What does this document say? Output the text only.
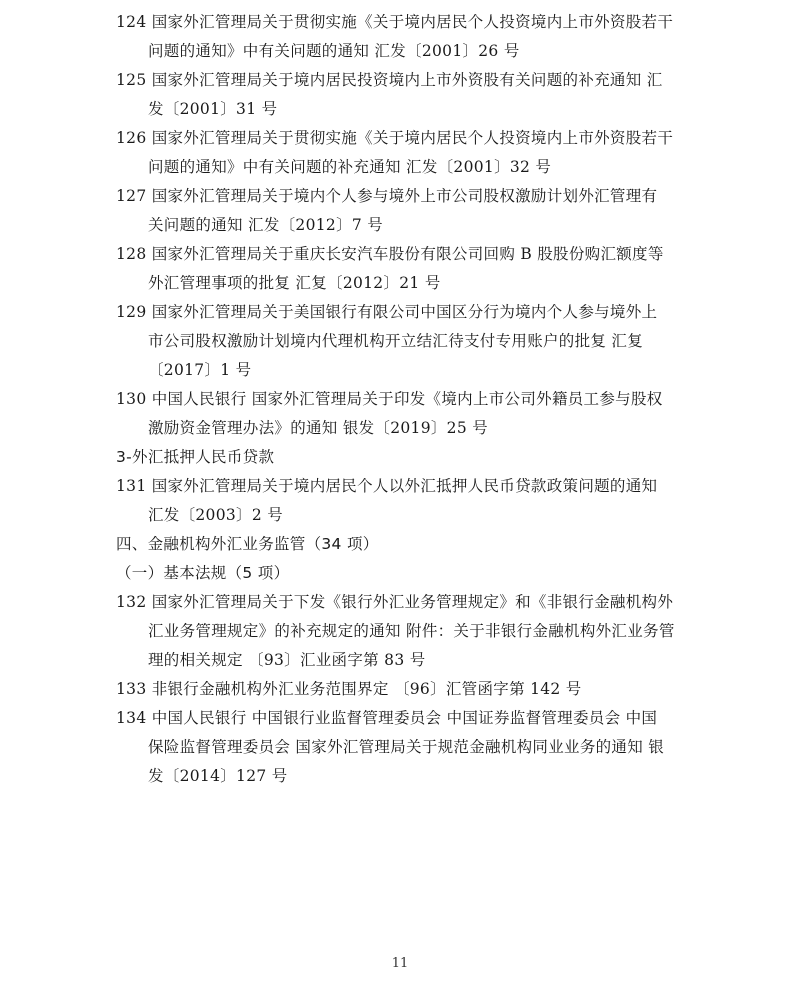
124 国家外汇管理局关于贯彻实施《关于境内居民个人投资境内上市外资股若干
问题的通知》中有关问题的通知 汇发〔2001〕26 号
125 国家外汇管理局关于境内居民投资境内上市外资股有关问题的补充通知 汇
发〔2001〕31 号
126 国家外汇管理局关于贯彻实施《关于境内居民个人投资境内上市外资股若干
问题的通知》中有关问题的补充通知 汇发〔2001〕32 号
127 国家外汇管理局关于境内个人参与境外上市公司股权激励计划外汇管理有
关问题的通知 汇发〔2012〕7 号
128 国家外汇管理局关于重庆长安汽车股份有限公司回购 B 股股份购汇额度等
外汇管理事项的批复 汇复〔2012〕21 号
129 国家外汇管理局关于美国银行有限公司中国区分行为境内个人参与境外上
市公司股权激励计划境内代理机构开立结汇待支付专用账户的批复 汇复
〔2017〕1 号
130 中国人民银行 国家外汇管理局关于印发《境内上市公司外籍员工参与股权
激励资金管理办法》的通知 银发〔2019〕25 号
3-外汇抵押人民币贷款
131 国家外汇管理局关于境内居民个人以外汇抵押人民币贷款政策问题的通知
汇发〔2003〕2 号
四、金融机构外汇业务监管（34 项）
（一）基本法规（5 项）
132 国家外汇管理局关于下发《银行外汇业务管理规定》和《非银行金融机构外
汇业务管理规定》的补充规定的通知 附件：关于非银行金融机构外汇业务管
理的相关规定 〔93〕汇业函字第 83 号
133 非银行金融机构外汇业务范围界定 〔96〕汇管函字第 142 号
134 中国人民银行 中国银行业监督管理委员会 中国证券监督管理委员会 中国
保险监督管理委员会 国家外汇管理局关于规范金融机构同业业务的通知 银
发〔2014〕127 号
11
